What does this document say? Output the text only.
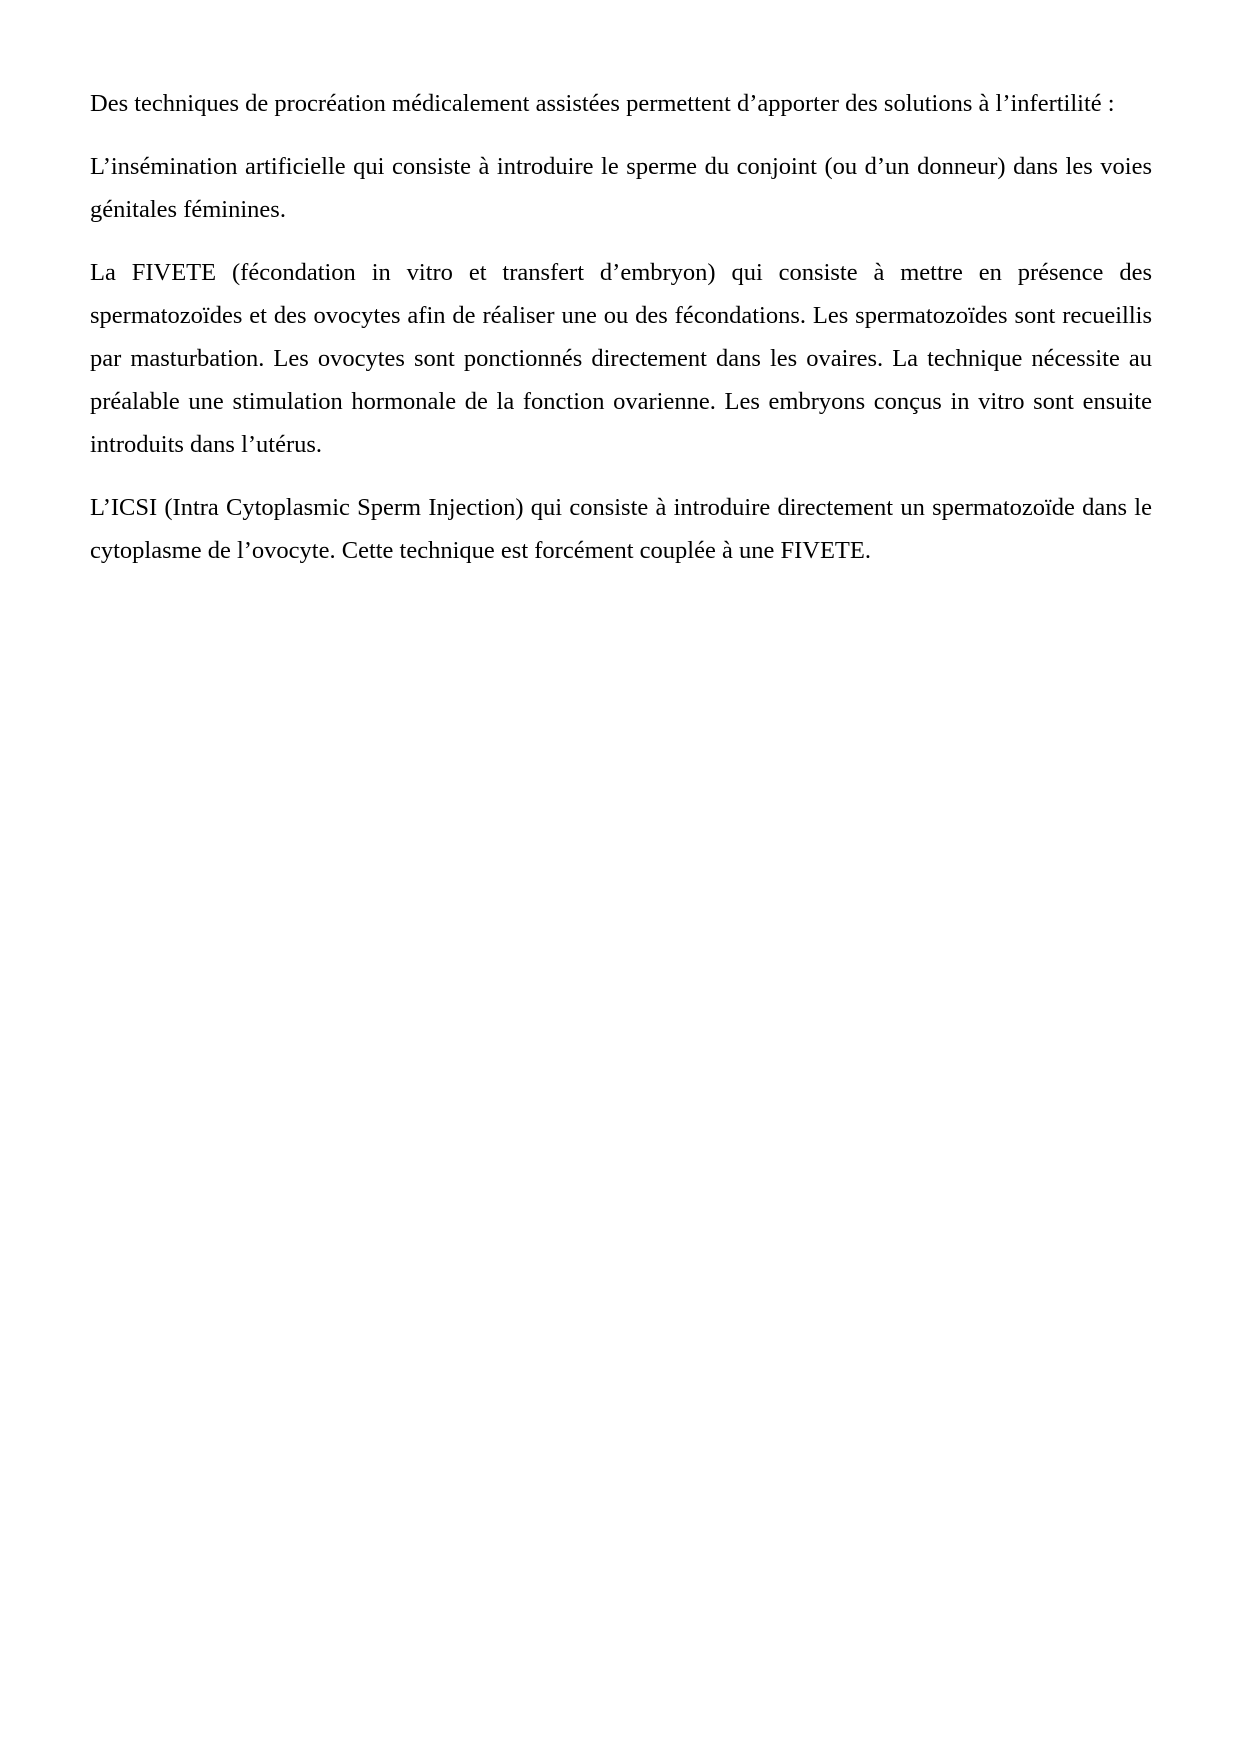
Des techniques de procréation médicalement assistées permettent d’apporter des solutions à l’infertilité :

L’insémination artificielle qui consiste à introduire le sperme du conjoint (ou d’un donneur) dans les voies génitales féminines.

La FIVETE (fécondation in vitro et transfert d’embryon) qui consiste à mettre en présence des spermatozoïdes et des ovocytes afin de réaliser une ou des fécondations. Les spermatozoïdes sont recueillis par masturbation. Les ovocytes sont ponctionnés directement dans les ovaires. La technique nécessite au préalable une stimulation hormonale de la fonction ovarienne. Les embryons conçus in vitro sont ensuite introduits dans l’utérus.

L’ICSI (Intra Cytoplasmic Sperm Injection) qui consiste à introduire directement un spermatozoïde dans le cytoplasme de l’ovocyte. Cette technique est forcément couplée à une FIVETE.
